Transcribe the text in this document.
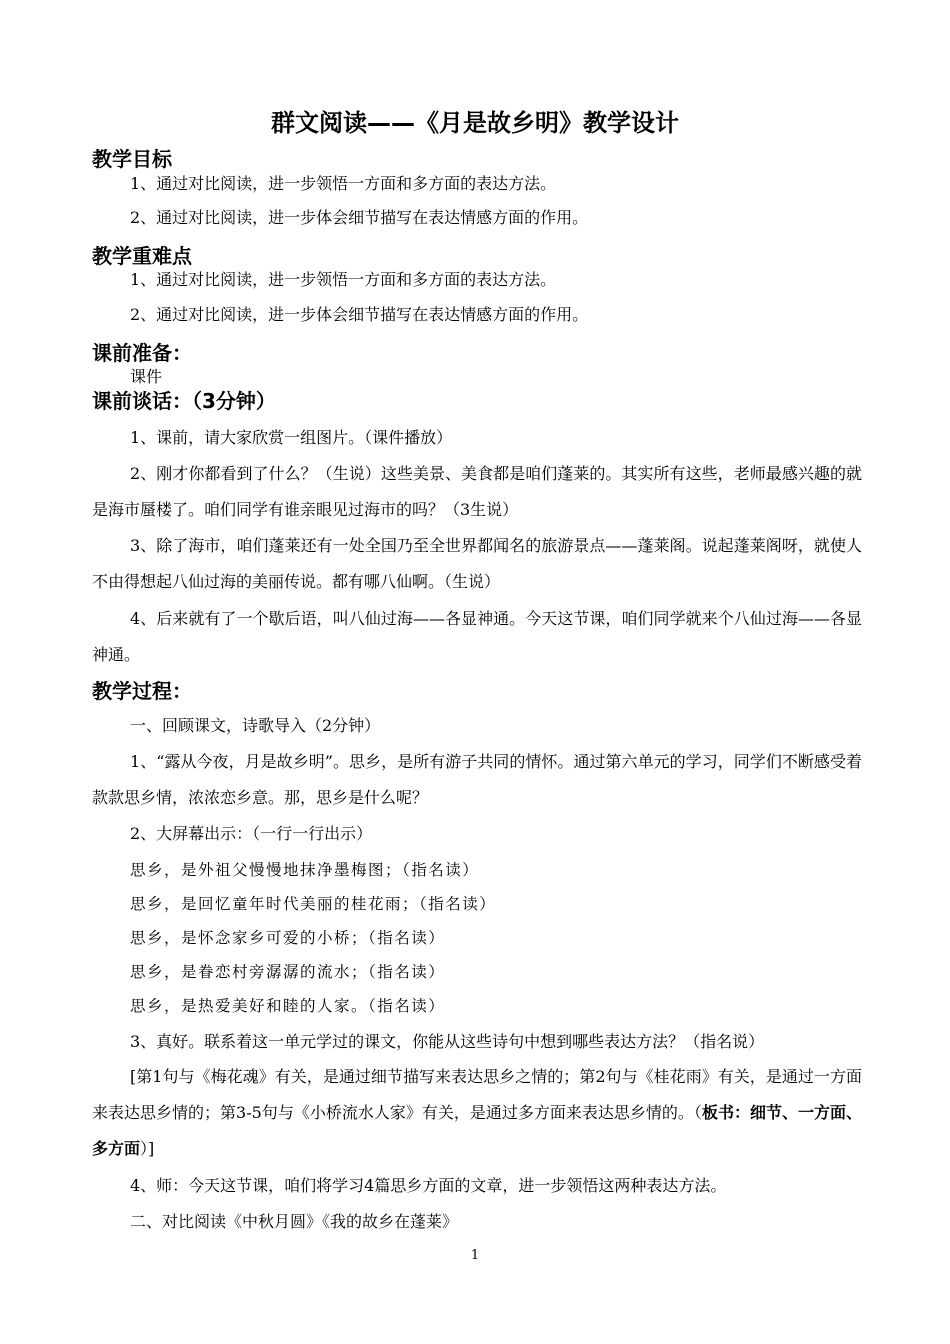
群文阅读——《月是故乡明》教学设计
教学目标
1、通过对比阅读，进一步领悟一方面和多方面的表达方法。
2、通过对比阅读，进一步体会细节描写在表达情感方面的作用。
教学重难点
1、通过对比阅读，进一步领悟一方面和多方面的表达方法。
2、通过对比阅读，进一步体会细节描写在表达情感方面的作用。
课前准备：
课件
课前谈话：（3分钟）
1、课前，请大家欣赏一组图片。（课件播放）
2、刚才你都看到了什么？（生说）这些美景、美食都是咱们蓬莱的。其实所有这些，老师最感兴趣的就是海市蜃楼了。咱们同学有谁亲眼见过海市的吗？（3生说）
3、除了海市，咱们蓬莱还有一处全国乃至全世界都闻名的旅游景点——蓬莱阁。说起蓬莱阁呀，就使人不由得想起八仙过海的美丽传说。都有哪八仙啊。（生说）
4、后来就有了一个歇后语，叫八仙过海——各显神通。今天这节课，咱们同学就来个八仙过海——各显神通。
教学过程：
一、回顾课文，诗歌导入（2分钟）
1、“露从今夜，月是故乡明”。思乡，是所有游子共同的情怀。通过第六单元的学习，同学们不断感受着款款思乡情，浓浓恋乡意。那，思乡是什么呢？
2、大屏幕出示：（一行一行出示）
思乡，是外祖父慢慢地抹净墨梅图；（指名读）
思乡，是回忆童年时代美丽的桂花雨；（指名读）
思乡，是怀念家乡可爱的小桥；（指名读）
思乡，是眷恋村旁潺潺的流水；（指名读）
思乡，是热爱美好和睦的人家。（指名读）
3、真好。联系着这一单元学过的课文，你能从这些诗句中想到哪些表达方法？（指名说）
[第1句与《梅花魂》有关，是通过细节描写来表达思乡之情的；第2句与《桂花雨》有关，是通过一方面来表达思乡情的；第3-5句与《小桥流水人家》有关，是通过多方面来表达思乡情的。（板书：细节、一方面、多方面）]
4、师：今天这节课，咱们将学习4篇思乡方面的文章，进一步领悟这两种表达方法。
二、对比阅读《中秋月圆》《我的故乡在蓬莱》
1
